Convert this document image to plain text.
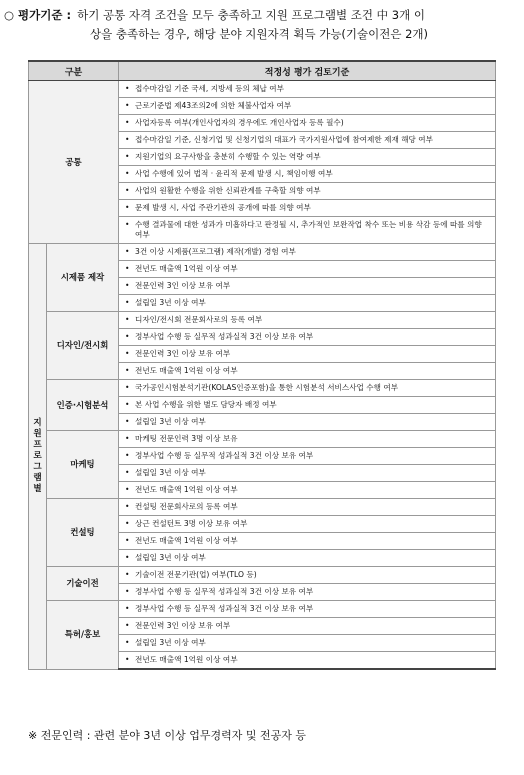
○ 평가기준 : 하기 공통 자격 조건을 모두 충족하고 지원 프로그램별 조건 中 3개 이
상을 충족하는 경우, 해당 분야 지원자격 획득 가능(기술이전은 2개)
구분		적정성 평가 검토기준
공통		• 접수마감일 기준 국세, 지방세 등의 체납 여부

		• 근로기준법 제43조의2에 의한 체불사업자 여부

		• 사업자등록 여부(개인사업자의 경우에도 개인사업자 등록 필수)

		• 접수마감일 기준, 신청기업 및 신청기업의 대표가 국가지원사업에 참여제한 제재 해당 여부

		• 지원기업의 요구사항을 충분히 수행할 수 있는 역량 여부

		• 사업 수행에 있어 법적 · 윤리적 문제 발생 시, 책임이행 여부

		• 사업의 원활한 수행을 위한 신뢰관계를 구축할 의향 여부

		• 문제 발생 시, 사업 주관기관의 공개에 따를 의향 여부

		• 수행 결과물에 대한 성과가 미흡하다고 판정될 시, 추가적인 보완작업 착수 또는 비용 삭감 등에 따를 의향 여부
지원 프로그램별	시제품 제작	• 3건 이상 시제품(프로그램) 제작(개발) 경험 여부

		• 전년도 매출액 1억원 이상 여부

		• 전문인력 3인 이상 보유 여부

		• 설립일 3년 이상 여부
	디자인/전시회	• 디자인/전시회 전문회사로의 등록 여부

		• 정부사업 수행 등 실무적 성과실적 3건 이상 보유 여부

		• 전문인력 3인 이상 보유 여부

		• 전년도 매출액 1억원 이상 여부
	인증·시험분석	• 국가공인시험분석기관(KOLAS인증포함)을 통한 시험분석 서비스사업 수행 여부

		• 본 사업 수행을 위한 별도 담당자 배정 여부

		• 설립일 3년 이상 여부
	마케팅	• 마케팅 전문인력 3명 이상 보유

		• 정부사업 수행 등 실무적 성과실적 3건 이상 보유 여부

		• 설립일 3년 이상 여부

		• 전년도 매출액 1억원 이상 여부
	컨설팅	• 컨설팅 전문회사로의 등록 여부

		• 상근 컨설턴트 3명 이상 보유 여부

		• 전년도 매출액 1억원 이상 여부

		• 설립일 3년 이상 여부
	기술이전	• 기술이전 전문기관(업) 여부(TLO 등)

		• 정부사업 수행 등 실무적 성과실적 3건 이상 보유 여부
	특허/홍보	• 정부사업 수행 등 실무적 성과실적 3건 이상 보유 여부

		• 전문인력 3인 이상 보유 여부

		• 설립일 3년 이상 여부

		• 전년도 매출액 1억원 이상 여부
※ 전문인력 : 관련 분야 3년 이상 업무경력자 및 전공자 등
